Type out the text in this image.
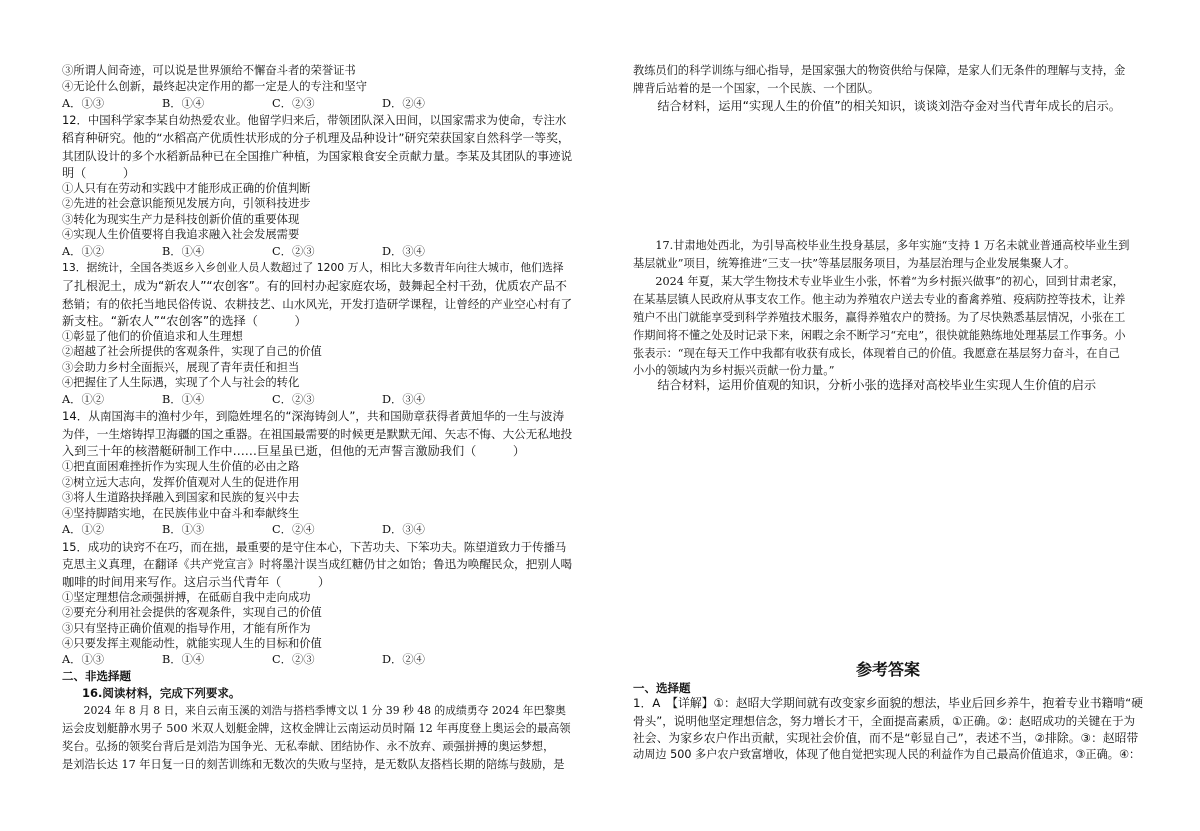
③所谓人间奇迹，可以说是世界颁给不懈奋斗者的荣誉证书
④无论什么创新，最终起决定作用的都一定是人的专注和坚守
A．①③	B．①④	C．②③	D．②④
12．中国科学家李某自幼热爱农业。他留学归来后，带领团队深入田间，以国家需求为使命，专注水
稻育种研究。他的“水稻高产优质性状形成的分子机理及品种设计”研究荣获国家自然科学一等奖，
其团队设计的多个水稻新品种已在全国推广种植，为国家粮食安全贡献力量。李某及其团队的事迹说
明（　　　）
①人只有在劳动和实践中才能形成正确的价值判断
②先进的社会意识能预见发展方向，引领科技进步
③转化为现实生产力是科技创新价值的重要体现
④实现人生价值要将自我追求融入社会发展需要
A．①②	B．①④	C．②③	D．③④
13．据统计，全国各类返乡入乡创业人员人数超过了 1200 万人，相比大多数青年向往大城市，他们选择
了扎根泥土，成为“新农人”“农创客”。有的回村办起家庭农场，鼓舞起全村干劲，优质农产品不
愁销；有的依托当地民俗传说、农耕技艺、山水风光，开发打造研学课程，让曾经的产业空心村有了
新支柱。“新农人”“农创客”的选择（　　　）
①彰显了他们的价值追求和人生理想
②超越了社会所提供的客观条件，实现了自己的价值
③会助力乡村全面振兴，展现了青年责任和担当
④把握住了人生际遇，实现了个人与社会的转化
A．①②	B．①④	C．②③	D．③④
14．从南国海丰的渔村少年，到隐姓埋名的“深海铸剑人”，共和国勋章获得者黄旭华的一生与波涛
为伴，一生熔铸捍卫海疆的国之重器。在祖国最需要的时候更是默默无闻、矢志不悔、大公无私地投
入到三十年的核潜艇研制工作中……巨星虽已逝，但他的无声誓言激励我们（　　　）
①把直面困难挫折作为实现人生价值的必由之路
②树立远大志向，发挥价值观对人生的促进作用
③将人生道路抉择融入到国家和民族的复兴中去
④坚持脚踏实地，在民族伟业中奋斗和奉献终生
A．①②	B．①③	C．②④	D．③④
15．成功的诀窍不在巧，而在拙，最重要的是守住本心，下苦功夫、下笨功夫。陈望道致力于传播马
克思主义真理，在翻译《共产党宣言》时将墨汁误当成红糖仍甘之如饴；鲁迅为唤醒民众，把别人喝
咖啡的时间用来写作。这启示当代青年（　　　）
①坚定理想信念顽强拼搏，在砥砺自我中走向成功
②要充分利用社会提供的客观条件，实现自己的价值
③只有坚持正确价值观的指导作用，才能有所作为
④只要发挥主观能动性，就能实现人生的目标和价值
A．①③	B．①④	C．②③	D．②④
二、非选择题
16.阅读材料，完成下列要求。
　　2024 年 8 月 8 日，来自云南玉溪的刘浩与搭档季博文以 1 分 39 秒 48 的成绩勇夺 2024 年巴黎奥
运会皮划艇静水男子 500 米双人划艇金牌，这枚金牌让云南运动员时隔 12 年再度登上奥运会的最高领
奖台。弘扬的领奖台背后是刘浩为国争光、无私奉献、团结协作、永不放弃、顽强拼搏的奥运梦想，
是刘浩长达 17 年日复一日的刻苦训练和无数次的失败与坚持，是无数队友搭档长期的陪练与鼓励，是
教练员们的科学训练与细心指导，是国家强大的物资供给与保障，是家人们无条件的理解与支持，金
牌背后站着的是一个国家，一个民族、一个团队。
　　结合材料，运用“实现人生的价值”的相关知识，谈谈刘浩夺金对当代青年成长的启示。
　　17.甘肃地处西北，为引导高校毕业生投身基层，多年实施“支持 1 万名未就业普通高校毕业生到
基层就业”项目，统筹推进“三支一扶”等基层服务项目，为基层治理与企业发展集聚人才。
　　2024 年夏，某大学生物技术专业毕业生小张，怀着“为乡村振兴做事”的初心，回到甘肃老家，
在某基层镇人民政府从事支农工作。他主动为养殖农户送去专业的畜禽养殖、疫病防控等技术，让养
殖户不出门就能享受到科学养殖技术服务，赢得养殖农户的赞扬。为了尽快熟悉基层情况，小张在工
作期间将不懂之处及时记录下来，闲暇之余不断学习“充电”，很快就能熟练地处理基层工作事务。小
张表示：“现在每天工作中我都有收获有成长，体现着自己的价值。我愿意在基层努力奋斗，在自己
小小的领域内为乡村振兴贡献一份力量。”
　　结合材料，运用价值观的知识，分析小张的选择对高校毕业生实现人生价值的启示
参考答案
一、选择题
1．A　【详解】①：赵昭大学期间就有改变家乡面貌的想法，毕业后回乡养牛，抱着专业书籍啃“硬
骨头”，说明他坚定理想信念，努力增长才干，全面提高素质，①正确。②：赵昭成功的关键在于为
社会、为家乡农户作出贡献，实现社会价值，而不是“彰显自己”，表述不当，②排除。③：赵昭带
动周边 500 多户农户致富增收，体现了他自觉把实现人民的利益作为自己最高价值追求，③正确。④：
